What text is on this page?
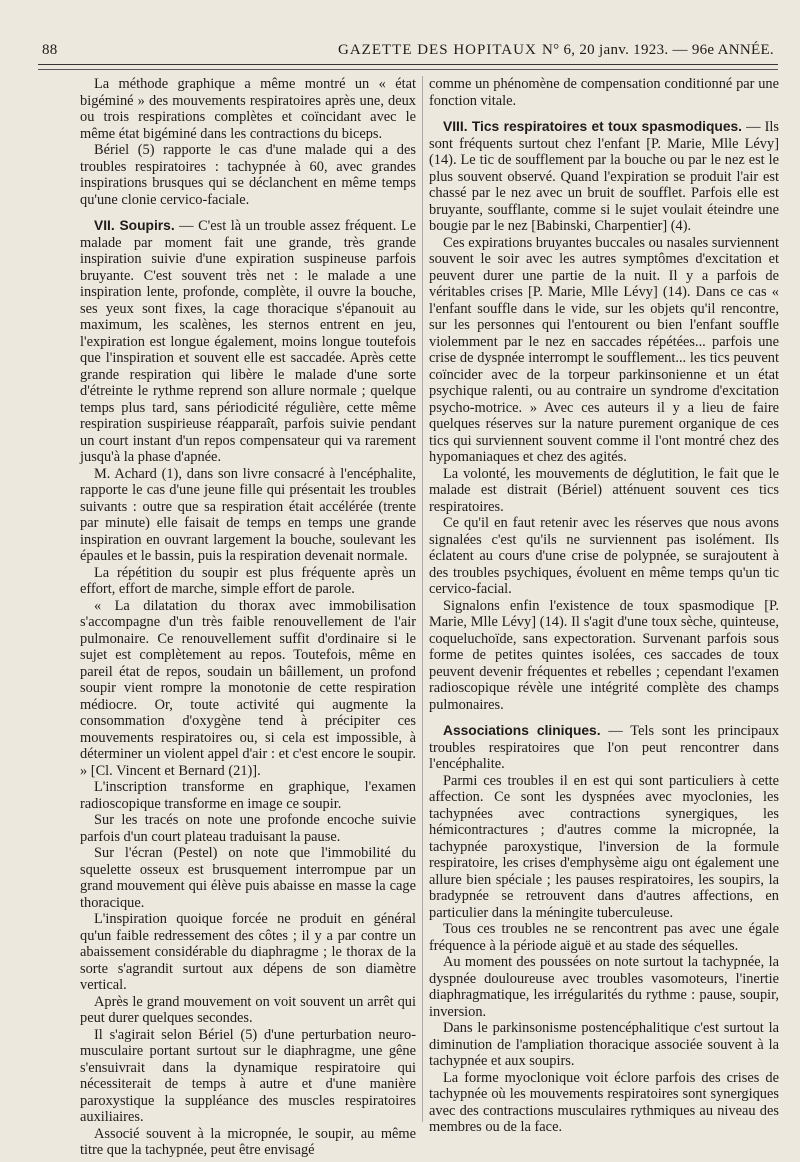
88	GAZETTE DES HOPITAUX N° 6, 20 janv. 1923. — 96e ANNÉE.

La méthode graphique a même montré un « état bigéminé » des mouvements respiratoires après une, deux ou trois respirations complètes et coïncidant avec le même état bigéminé dans les contractions du biceps.

Bériel (5) rapporte le cas d'une malade qui a des troubles respiratoires : tachypnée à 60, avec grandes inspirations brusques qui se déclanchent en même temps qu'une clonie cervico-faciale.

VII. Soupirs. — C'est là un trouble assez fréquent. Le malade par moment fait une grande, très grande inspiration suivie d'une expiration suspineuse parfois bruyante. C'est souvent très net : le malade a une inspiration lente, profonde, complète, il ouvre la bouche, ses yeux sont fixes, la cage thoracique s'épanouit au maximum, les scalènes, les sternos entrent en jeu, l'expiration est longue également, moins longue toutefois que l'inspiration et souvent elle est saccadée. Après cette grande respiration qui libère le malade d'une sorte d'étreinte le rythme reprend son allure normale ; quelque temps plus tard, sans périodicité régulière, cette même respiration suspirieuse réapparaît, parfois suivie pendant un court instant d'un repos compensateur qui va rarement jusqu'à la phase d'apnée.

M. Achard (1), dans son livre consacré à l'encéphalite, rapporte le cas d'une jeune fille qui présentait les troubles suivants : outre que sa respiration était accélérée (trente par minute) elle faisait de temps en temps une grande inspiration en ouvrant largement la bouche, soulevant les épaules et le bassin, puis la respiration devenait normale.

La répétition du soupir est plus fréquente après un effort, effort de marche, simple effort de parole.

« La dilatation du thorax avec immobilisation s'accompagne d'un très faible renouvellement de l'air pulmonaire. Ce renouvellement suffit d'ordinaire si le sujet est complètement au repos. Toutefois, même en pareil état de repos, soudain un bâillement, un profond soupir vient rompre la monotonie de cette respiration médiocre. Or, toute activité qui augmente la consommation d'oxygène tend à précipiter ces mouvements respiratoires ou, si cela est impossible, à déterminer un violent appel d'air : et c'est encore le soupir. » [Cl. Vincent et Bernard (21)].

L'inscription transforme en graphique, l'examen radioscopique transforme en image ce soupir.

Sur les tracés on note une profonde encoche suivie parfois d'un court plateau traduisant la pause.

Sur l'écran (Pestel) on note que l'immobilité du squelette osseux est brusquement interrompue par un grand mouvement qui élève puis abaisse en masse la cage thoracique.

L'inspiration quoique forcée ne produit en général qu'un faible redressement des côtes ; il y a par contre un abaissement considérable du diaphragme ; le thorax de la sorte s'agrandit surtout aux dépens de son diamètre vertical.

Après le grand mouvement on voit souvent un arrêt qui peut durer quelques secondes.

Il s'agirait selon Bériel (5) d'une perturbation neuro-musculaire portant surtout sur le diaphragme, une gêne s'ensuivrait dans la dynamique respiratoire qui nécessiterait de temps à autre et d'une manière paroxystique la suppléance des muscles respiratoires auxiliaires.

Associé souvent à la micropnée, le soupir, au même titre que la tachypnée, peut être envisagé

comme un phénomène de compensation conditionné par une fonction vitale.

VIII. Tics respiratoires et toux spasmodiques. — Ils sont fréquents surtout chez l'enfant [P. Marie, Mlle Lévy] (14). Le tic de soufflement par la bouche ou par le nez est le plus souvent observé. Quand l'expiration se produit l'air est chassé par le nez avec un bruit de soufflet. Parfois elle est bruyante, soufflante, comme si le sujet voulait éteindre une bougie par le nez [Babinski, Charpentier] (4).

Ces expirations bruyantes buccales ou nasales surviennent souvent le soir avec les autres symptômes d'excitation et peuvent durer une partie de la nuit. Il y a parfois de véritables crises [P. Marie, Mlle Lévy] (14). Dans ce cas « l'enfant souffle dans le vide, sur les objets qu'il rencontre, sur les personnes qui l'entourent ou bien l'enfant souffle violemment par le nez en saccades répétées... parfois une crise de dyspnée interrompt le soufflement... les tics peuvent coïncider avec de la torpeur parkinsonienne et un état psychique ralenti, ou au contraire un syndrome d'excitation psycho-motrice. » Avec ces auteurs il y a lieu de faire quelques réserves sur la nature purement organique de ces tics qui surviennent souvent comme il l'ont montré chez des hypomaniaques et chez des agités.

La volonté, les mouvements de déglutition, le fait que le malade est distrait (Bériel) atténuent souvent ces tics respiratoires.

Ce qu'il en faut retenir avec les réserves que nous avons signalées c'est qu'ils ne surviennent pas isolément. Ils éclatent au cours d'une crise de polypnée, se surajoutent à des troubles psychiques, évoluent en même temps qu'un tic cervico-facial.

Signalons enfin l'existence de toux spasmodique [P. Marie, Mlle Lévy] (14). Il s'agit d'une toux sèche, quinteuse, coqueluchoïde, sans expectoration. Survenant parfois sous forme de petites quintes isolées, ces saccades de toux peuvent devenir fréquentes et rebelles ; cependant l'examen radioscopique révèle une intégrité complète des champs pulmonaires.

Associations cliniques. — Tels sont les principaux troubles respiratoires que l'on peut rencontrer dans l'encéphalite.

Parmi ces troubles il en est qui sont particuliers à cette affection. Ce sont les dyspnées avec myoclonies, les tachypnées avec contractions synergiques, les hémicontractures ; d'autres comme la micropnée, la tachypnée paroxystique, l'inversion de la formule respiratoire, les crises d'emphysème aigu ont également une allure bien spéciale ; les pauses respiratoires, les soupirs, la bradypnée se retrouvent dans d'autres affections, en particulier dans la méningite tuberculeuse.

Tous ces troubles ne se rencontrent pas avec une égale fréquence à la période aiguë et au stade des séquelles.

Au moment des poussées on note surtout la tachypnée, la dyspnée douloureuse avec troubles vasomoteurs, l'inertie diaphragmatique, les irrégularités du rythme : pause, soupir, inversion.

Dans le parkinsonisme postencéphalitique c'est surtout la diminution de l'ampliation thoracique associée souvent à la tachypnée et aux soupirs.

La forme myoclonique voit éclore parfois des crises de tachypnée où les mouvements respiratoires sont synergiques avec des contractions musculaires rythmiques au niveau des membres ou de la face.
